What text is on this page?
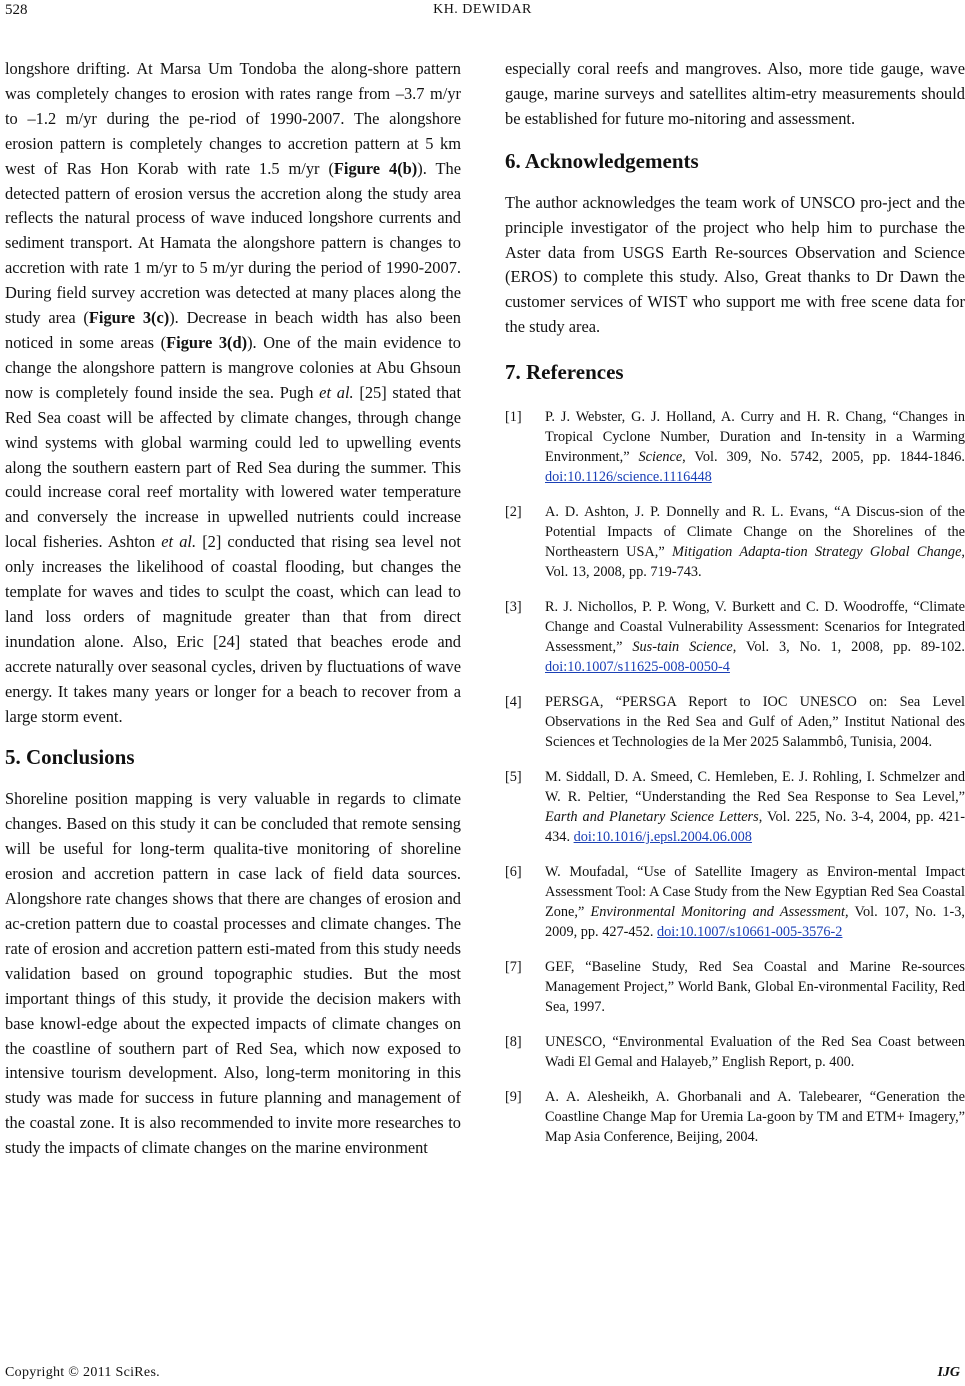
528	KH. DEWIDAR

longshore drifting. At Marsa Um Tondoba the along-shore pattern was completely changes to erosion with rates range from –3.7 m/yr to –1.2 m/yr during the pe-riod of 1990-2007. The alongshore erosion pattern is completely changes to accretion pattern at 5 km west of Ras Hon Korab with rate 1.5 m/yr (Figure 4(b)). The detected pattern of erosion versus the accretion along the study area reflects the natural process of wave induced longshore currents and sediment transport. At Hamata the alongshore pattern is changes to accretion with rate 1 m/yr to 5 m/yr during the period of 1990-2007. During field survey accretion was detected at many places along the study area (Figure 3(c)). Decrease in beach width has also been noticed in some areas (Figure 3(d)). One of the main evidence to change the alongshore pattern is mangrove colonies at Abu Ghsoun now is completely found inside the sea. Pugh et al. [25] stated that Red Sea coast will be affected by climate changes, through change wind systems with global warming could led to upwelling events along the southern eastern part of Red Sea during the summer. This could increase coral reef mortality with lowered water temperature and conversely the increase in upwelled nutrients could increase local fisheries. Ashton et al. [2] conducted that rising sea level not only increases the likelihood of coastal flooding, but changes the template for waves and tides to sculpt the coast, which can lead to land loss orders of magnitude greater than that from direct inundation alone. Also, Eric [24] stated that beaches erode and accrete naturally over seasonal cycles, driven by fluctuations of wave energy. It takes many years or longer for a beach to recover from a large storm event.

5. Conclusions

Shoreline position mapping is very valuable in regards to climate changes. Based on this study it can be concluded that remote sensing will be useful for long-term qualita-tive monitoring of shoreline erosion and accretion pattern in case lack of field data sources. Alongshore rate changes shows that there are changes of erosion and ac-cretion pattern due to coastal processes and climate changes. The rate of erosion and accretion pattern esti-mated from this study needs validation based on ground topographic studies. But the most important things of this study, it provide the decision makers with base knowl-edge about the expected impacts of climate changes on the coastline of southern part of Red Sea, which now exposed to intensive tourism development. Also, long-term monitoring in this study was made for success in future planning and management of the coastal zone. It is also recommended to invite more researches to study the impacts of climate changes on the marine environment

especially coral reefs and mangroves. Also, more tide gauge, wave gauge, marine surveys and satellites altim-etry measurements should be established for future mo-nitoring and assessment.

6. Acknowledgements

The author acknowledges the team work of UNSCO pro-ject and the principle investigator of the project who help him to purchase the Aster data from USGS Earth Re-sources Observation and Science (EROS) to complete this study. Also, Great thanks to Dr Dawn the customer services of WIST who support me with free scene data for the study area.

7. References
[1]	P. J. Webster, G. J. Holland, A. Curry and H. R. Chang, “Changes in Tropical Cyclone Number, Duration and In-tensity in a Warming Environment,” Science, Vol. 309, No. 5742, 2005, pp. 1844-1846. doi:10.1126/science.1116448
[2]	A. D. Ashton, J. P. Donnelly and R. L. Evans, “A Discus-sion of the Potential Impacts of Climate Change on the Shorelines of the Northeastern USA,” Mitigation Adapta-tion Strategy Global Change, Vol. 13, 2008, pp. 719-743.
[3]	R. J. Nichollos, P. P. Wong, V. Burkett and C. D. Woodroffe, “Climate Change and Coastal Vulnerability Assessment: Scenarios for Integrated Assessment,” Sus-tain Science, Vol. 3, No. 1, 2008, pp. 89-102. doi:10.1007/s11625-008-0050-4
[4]	PERSGA, “PERSGA Report to IOC UNESCO on: Sea Level Observations in the Red Sea and Gulf of Aden,” Institut National des Sciences et Technologies de la Mer 2025 Salammbô, Tunisia, 2004.
[5]	M. Siddall, D. A. Smeed, C. Hemleben, E. J. Rohling, I. Schmelzer and W. R. Peltier, “Understanding the Red Sea Response to Sea Level,” Earth and Planetary Science Letters, Vol. 225, No. 3-4, 2004, pp. 421-434. doi:10.1016/j.epsl.2004.06.008
[6]	W. Moufadal, “Use of Satellite Imagery as Environ-mental Impact Assessment Tool: A Case Study from the New Egyptian Red Sea Coastal Zone,” Environmental Monitoring and Assessment, Vol. 107, No. 1-3, 2009, pp. 427-452. doi:10.1007/s10661-005-3576-2
[7]	GEF, “Baseline Study, Red Sea Coastal and Marine Re-sources Management Project,” World Bank, Global En-vironmental Facility, Red Sea, 1997.
[8]	UNESCO, “Environmental Evaluation of the Red Sea Coast between Wadi El Gemal and Halayeb,” English Report, p. 400.
[9]	A. A. Alesheikh, A. Ghorbanali and A. Talebearer, “Generation the Coastline Change Map for Uremia La-goon by TM and ETM+ Imagery,” Map Asia Conference, Beijing, 2004.
Copyright © 2011 SciRes.	IJG
